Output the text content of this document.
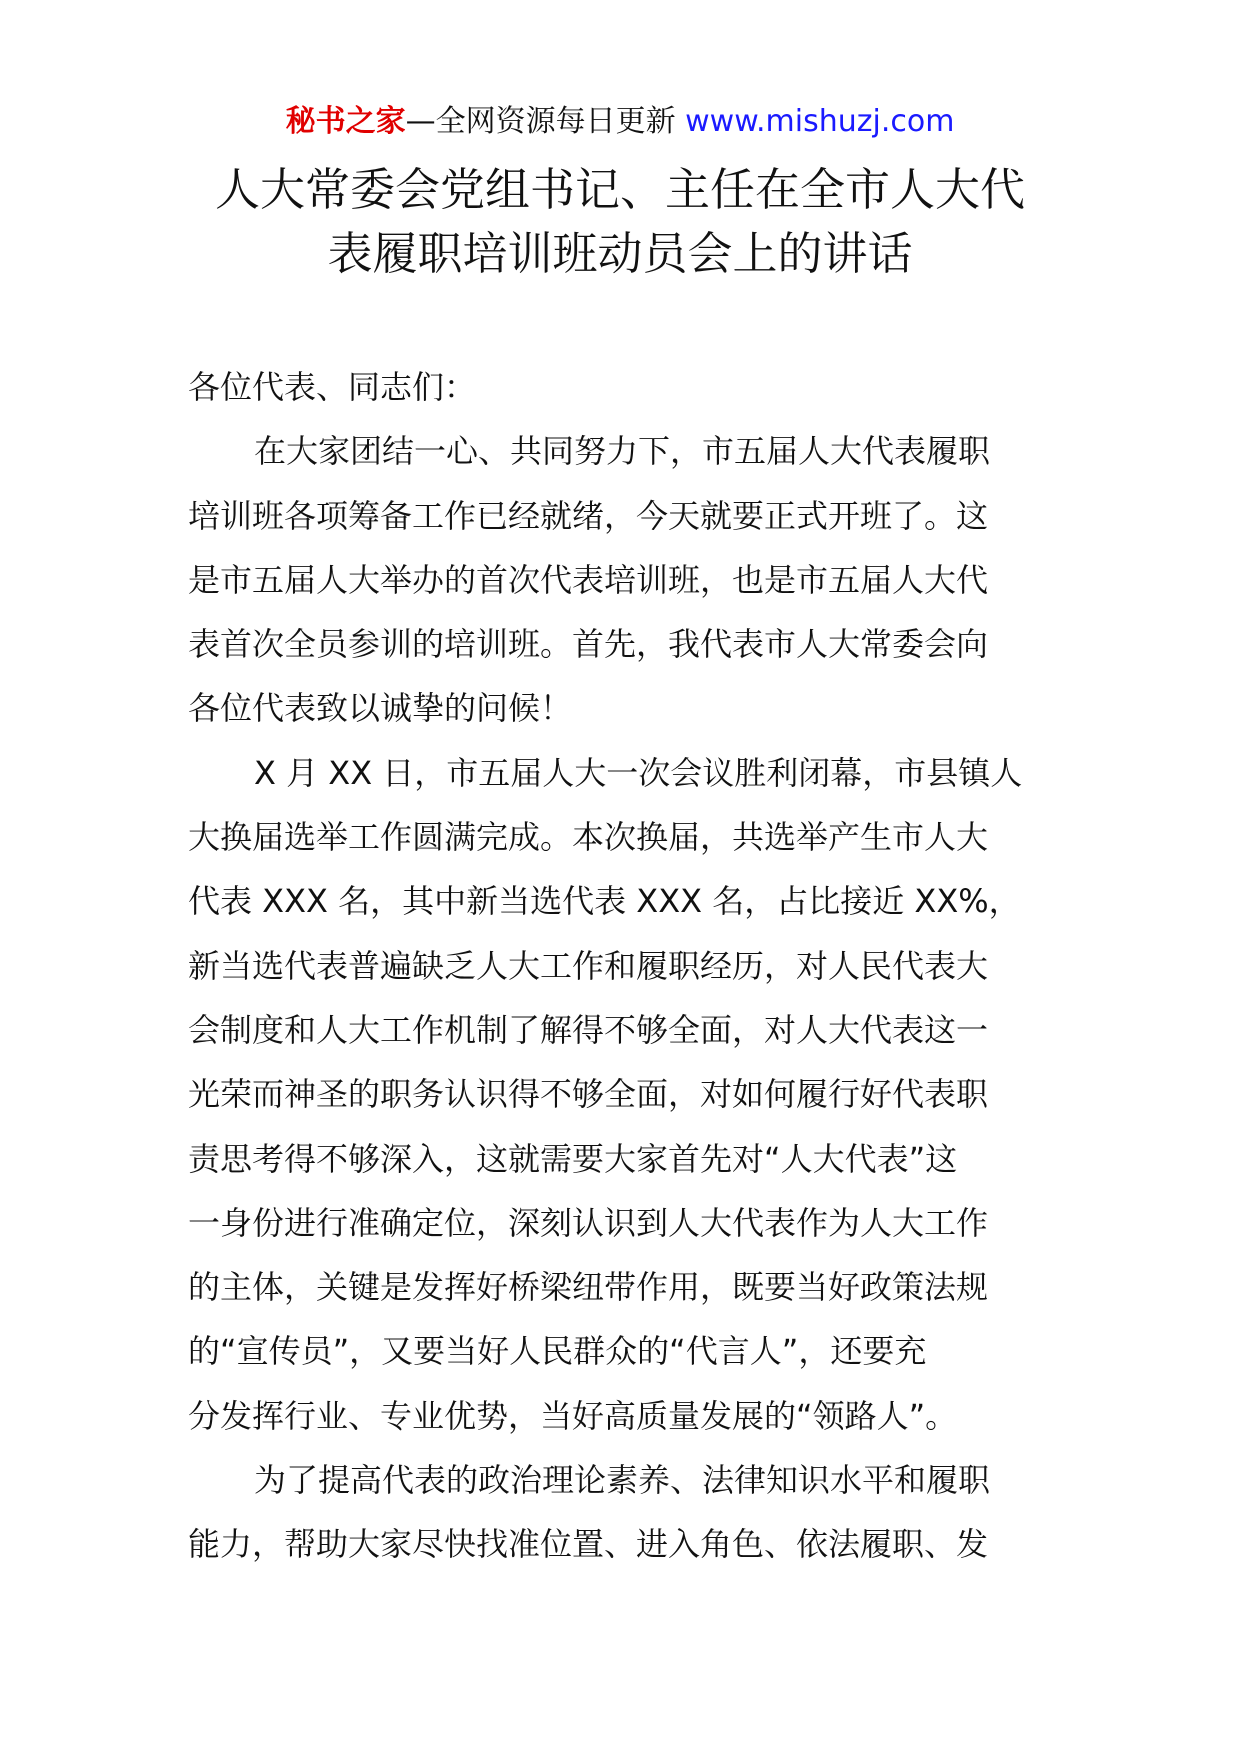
秘书之家—全网资源每日更新 www.mishuzj.com
人大常委会党组书记、主任在全市人大代
表履职培训班动员会上的讲话
各位代表、同志们：
在大家团结一心、共同努力下，市五届人大代表履职
培训班各项筹备工作已经就绪，今天就要正式开班了。这
是市五届人大举办的首次代表培训班，也是市五届人大代
表首次全员参训的培训班。首先，我代表市人大常委会向
各位代表致以诚挚的问候！
X 月 XX 日，市五届人大一次会议胜利闭幕，市县镇人
大换届选举工作圆满完成。本次换届，共选举产生市人大
代表 XXX 名，其中新当选代表 XXX 名，占比接近 XX%，
新当选代表普遍缺乏人大工作和履职经历，对人民代表大
会制度和人大工作机制了解得不够全面，对人大代表这一
光荣而神圣的职务认识得不够全面，对如何履行好代表职
责思考得不够深入，这就需要大家首先对“人大代表”这
一身份进行准确定位，深刻认识到人大代表作为人大工作
的主体，关键是发挥好桥梁纽带作用，既要当好政策法规
的“宣传员”，又要当好人民群众的“代言人”，还要充
分发挥行业、专业优势，当好高质量发展的“领路人”。
为了提高代表的政治理论素养、法律知识水平和履职
能力，帮助大家尽快找准位置、进入角色、依法履职、发
